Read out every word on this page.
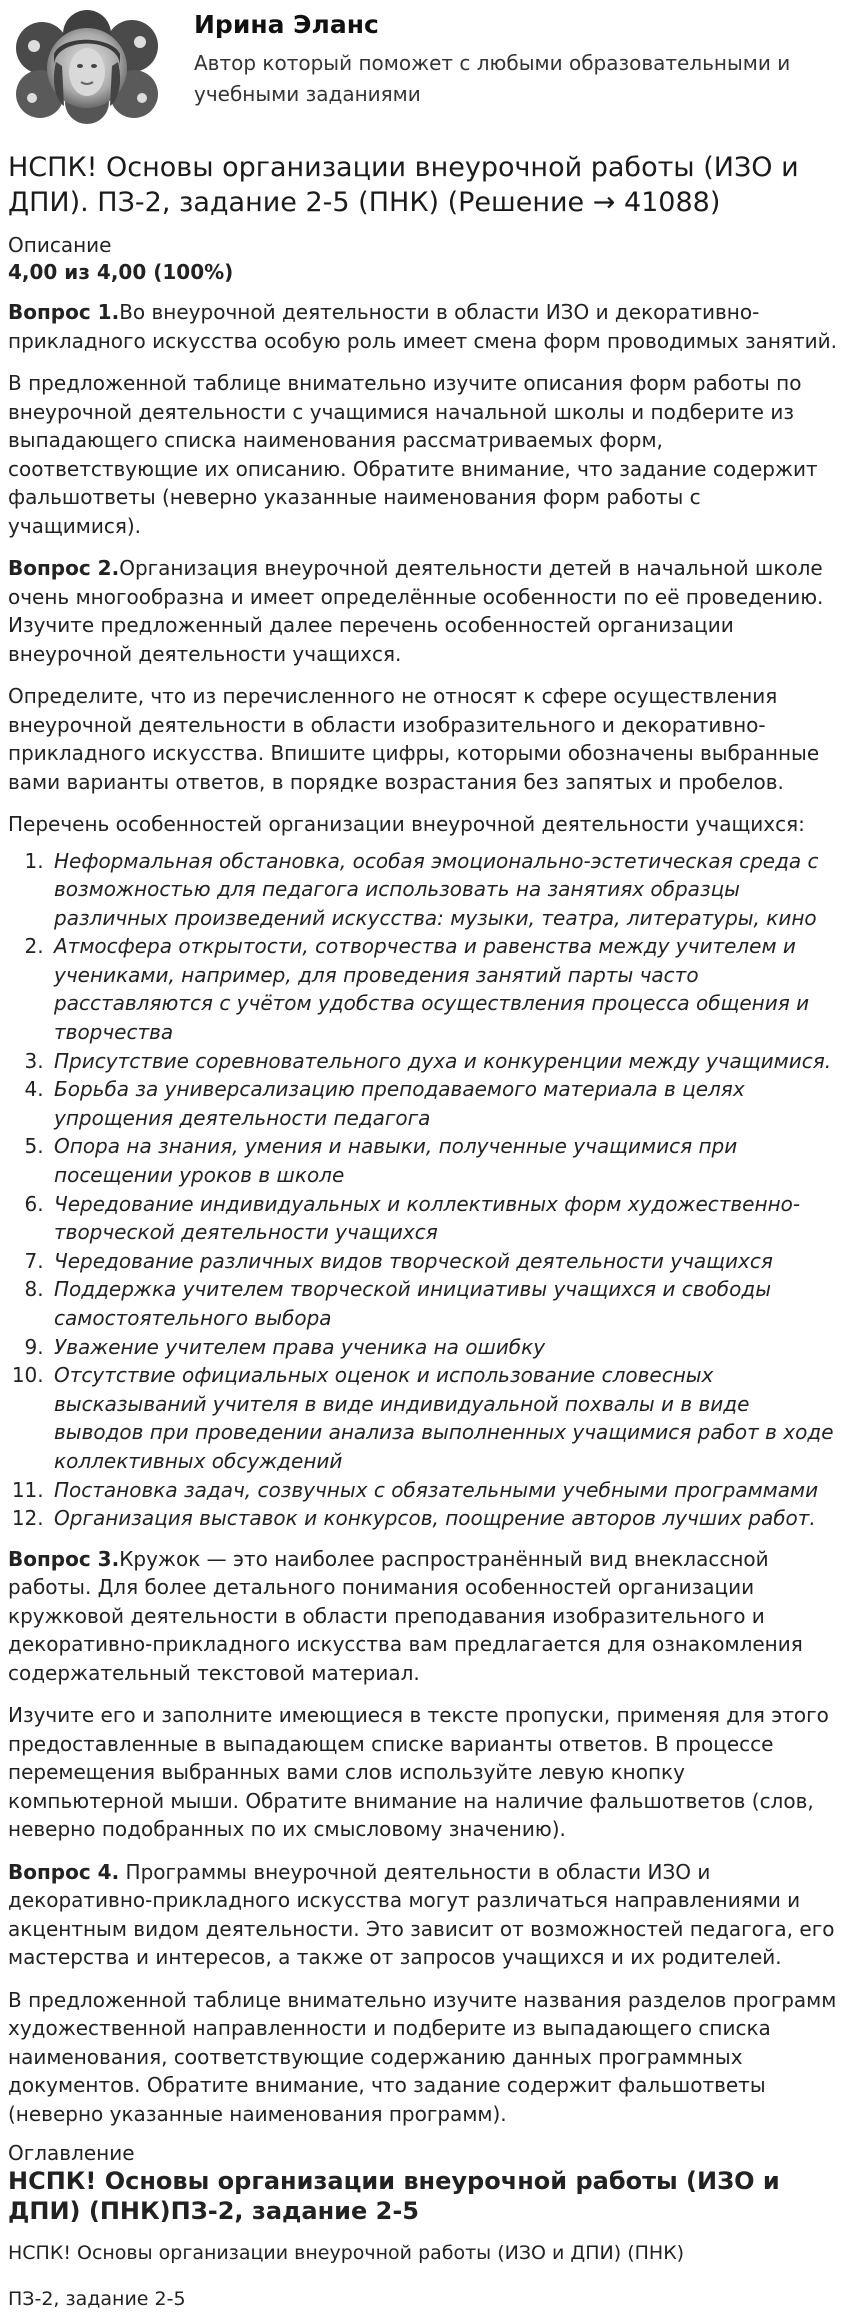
Ирина Эланс
Автор который поможет с любыми образовательными и учебными заданиями
НСПК! Основы организации внеурочной работы (ИЗО и ДПИ). ПЗ-2, задание 2-5 (ПНК) (Решение → 41088)
Описание
4,00 из 4,00 (100%)

Вопрос 1.Во внеурочной деятельности в области ИЗО и декоративно-прикладного искусства особую роль имеет смена форм проводимых занятий.

В предложенной таблице внимательно изучите описания форм работы по внеурочной деятельности с учащимися начальной школы и подберите из выпадающего списка наименования рассматриваемых форм, соответствующие их описанию. Обратите внимание, что задание содержит фальшответы (неверно указанные наименования форм работы с учащимися).

Вопрос 2.Организация внеурочной деятельности детей в начальной школе очень многообразна и имеет определённые особенности по её проведению. Изучите предложенный далее перечень особенностей организации внеурочной деятельности учащихся.

Определите, что из перечисленного не относят к сфере осуществления внеурочной деятельности в области изобразительного и декоративно-прикладного искусства. Впишите цифры, которыми обозначены выбранные вами варианты ответов, в порядке возрастания без запятых и пробелов.

Перечень особенностей организации внеурочной деятельности учащихся:

1. Неформальная обстановка, особая эмоционально-эстетическая среда с возможностью для педагога использовать на занятиях образцы различных произведений искусства: музыки, театра, литературы, кино
2. Атмосфера открытости, сотворчества и равенства между учителем и учениками, например, для проведения занятий парты часто расставляются с учётом удобства осуществления процесса общения и творчества
3. Присутствие соревновательного духа и конкуренции между учащимися.
4. Борьба за универсализацию преподаваемого материала в целях упрощения деятельности педагога
5. Опора на знания, умения и навыки, полученные учащимися при посещении уроков в школе
6. Чередование индивидуальных и коллективных форм художественно-творческой деятельности учащихся
7. Чередование различных видов творческой деятельности учащихся
8. Поддержка учителем творческой инициативы учащихся и свободы самостоятельного выбора
9. Уважение учителем права ученика на ошибку
10. Отсутствие официальных оценок и использование словесных высказываний учителя в виде индивидуальной похвалы и в виде выводов при проведении анализа выполненных учащимися работ в ходе коллективных обсуждений
11. Постановка задач, созвучных с обязательными учебными программами
12. Организация выставок и конкурсов, поощрение авторов лучших работ.

Вопрос 3.Кружок — это наиболее распространённый вид внеклассной работы. Для более детального понимания особенностей организации кружковой деятельности в области преподавания изобразительного и декоративно-прикладного искусства вам предлагается для ознакомления содержательный текстовой материал.

Изучите его и заполните имеющиеся в тексте пропуски, применяя для этого предоставленные в выпадающем списке варианты ответов. В процессе перемещения выбранных вами слов используйте левую кнопку компьютерной мыши. Обратите внимание на наличие фальшответов (слов, неверно подобранных по их смысловому значению).

Вопрос 4. Программы внеурочной деятельности в области ИЗО и декоративно-прикладного искусства могут различаться направлениями и акцентным видом деятельности. Это зависит от возможностей педагога, его мастерства и интересов, а также от запросов учащихся и их родителей.

В предложенной таблице внимательно изучите названия разделов программ художественной направленности и подберите из выпадающего списка наименования, соответствующие содержанию данных программных документов. Обратите внимание, что задание содержит фальшответы (неверно указанные наименования программ).

Оглавление
НСПК! Основы организации внеурочной работы (ИЗО и ДПИ) (ПНК)ПЗ-2, задание 2-5
НСПК! Основы организации внеурочной работы (ИЗО и ДПИ) (ПНК)
ПЗ-2, задание 2-5
